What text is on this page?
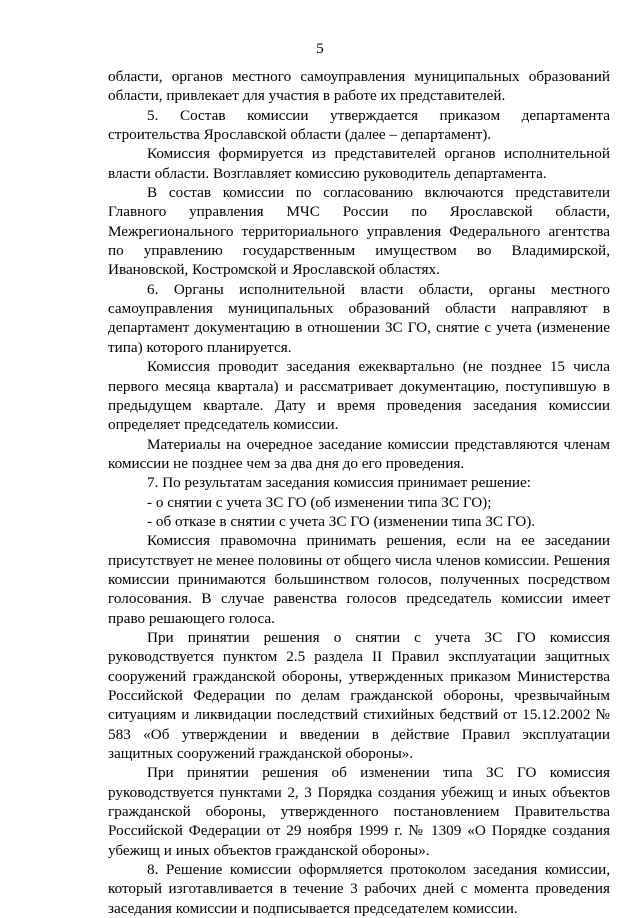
5

области, органов местного самоуправления муниципальных образований области, привлекает для участия в работе их представителей.

5. Состав комиссии утверждается приказом департамента строительства Ярославской области (далее – департамент).

Комиссия формируется из представителей органов исполнительной власти области. Возглавляет комиссию руководитель департамента.

В состав комиссии по согласованию включаются представители Главного управления МЧС России по Ярославской области, Межрегионального территориального управления Федерального агентства по управлению государственным имуществом во Владимирской, Ивановской, Костромской и Ярославской областях.

6. Органы исполнительной власти области, органы местного самоуправления муниципальных образований области направляют в департамент документацию в отношении ЗС ГО, снятие с учета (изменение типа) которого планируется.

Комиссия проводит заседания ежеквартально (не позднее 15 числа первого месяца квартала) и рассматривает документацию, поступившую в предыдущем квартале. Дату и время проведения заседания комиссии определяет председатель комиссии.

Материалы на очередное заседание комиссии представляются членам комиссии не позднее чем за два дня до его проведения.

7. По результатам заседания комиссия принимает решение:

- о снятии с учета ЗС ГО (об изменении типа ЗС ГО);

- об отказе в снятии с учета ЗС ГО (изменении типа ЗС ГО).

Комиссия правомочна принимать решения, если на ее заседании присутствует не менее половины от общего числа членов комиссии. Решения комиссии принимаются большинством голосов, полученных посредством голосования. В случае равенства голосов председатель комиссии имеет право решающего голоса.

При принятии решения о снятии с учета ЗС ГО комиссия руководствуется пунктом 2.5 раздела II Правил эксплуатации защитных сооружений гражданской обороны, утвержденных приказом Министерства Российской Федерации по делам гражданской обороны, чрезвычайным ситуациям и ликвидации последствий стихийных бедствий от 15.12.2002 № 583 «Об утверждении и введении в действие Правил эксплуатации защитных сооружений гражданской обороны».

При принятии решения об изменении типа ЗС ГО комиссия руководствуется пунктами 2, 3 Порядка создания убежищ и иных объектов гражданской обороны, утвержденного постановлением Правительства Российской Федерации от 29 ноября 1999 г. № 1309 «О Порядке создания убежищ и иных объектов гражданской обороны».

8. Решение комиссии оформляется протоколом заседания комиссии, который изготавливается в течение 3 рабочих дней с момента проведения заседания комиссии и подписывается председателем комиссии.
